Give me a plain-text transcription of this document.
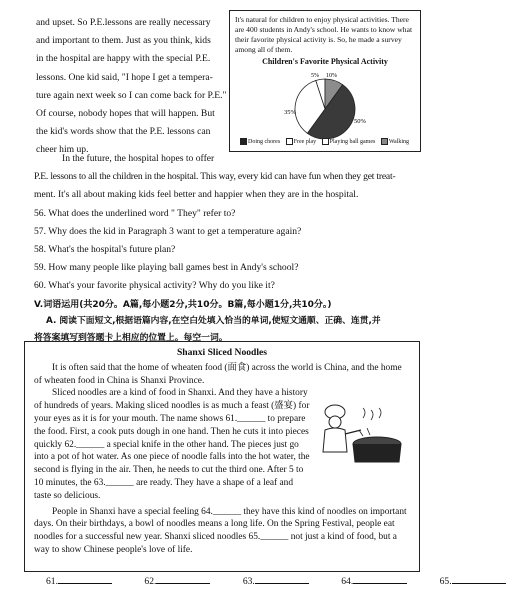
and upset. So P.E.lessons are really necessary
and important to them. Just as you think, kids
in the hospital are happy with the special P.E.
lessons. One kid said, "I hope I get a tempera-
ture again next week so I can come back for P.E."
Of course, nobody hopes that will happen. But
the kid's words show that the P.E. lessons can
cheer him up.
It's natural for children to enjoy physical activities. There are 400 students in Andy's school. He wants to know what their favorite physical activity is. So, he made a survey among all of them.
Children's Favorite Physical Activity
5% 10%
35%
50%
Doing chores Free play Playing ball games Walking
In the future, the hospital hopes to offer
P.E. lessons to all the children in the hospital. This way, every kid can have fun when they get treat-
ment. It's all about making kids feel better and happier when they are in the hospital.
56. What does the underlined word " They" refer to?
57. Why does the kid in Paragraph 3 want to get a temperature again?
58. What's the hospital's future plan?
59. How many people like playing ball games best in Andy's school?
60. What's your favorite physical activity? Why do you like it?
V.词语运用(共20分。A篇,每小题2分,共10分。B篇,每小题1分,共10分。)
A. 阅读下面短文,根据语篇内容,在空白处填入恰当的单词,使短文通顺、正确、连贯,并
将答案填写到答题卡上相应的位置上。每空一词。
Shanxi Sliced Noodles
It is often said that the home of wheaten food (面食) across the world is China, and the home of wheaten food in China is Shanxi Province.
Sliced noodles are a kind of food in Shanxi. And they have a history of hundreds of years. Making sliced noodles is as much a feast (盛宴) for your eyes as it is for your mouth. The name shows 61.______ to prepare the food. First, a cook puts dough in one hand. Then he cuts it into pieces quickly 62.______ a special knife in the other hand. The pieces just go into a pot of hot water. As one piece of noodle falls into the hot water, the second is flying in the air. Then, he needs to cut the third one. After 5 to 10 minutes, the 63.______ are ready. They have a shape of a leaf and taste so delicious.
People in Shanxi have a special feeling 64.______ they have this kind of noodles on important days. On their birthdays, a bowl of noodles means a long life. On the Spring Festival, people eat noodles for a successful new year. Shanxi sliced noodles 65.______ not just a kind of food, but a way to show Chinese people's love of life.
61.	62.	63.	64.	65.
